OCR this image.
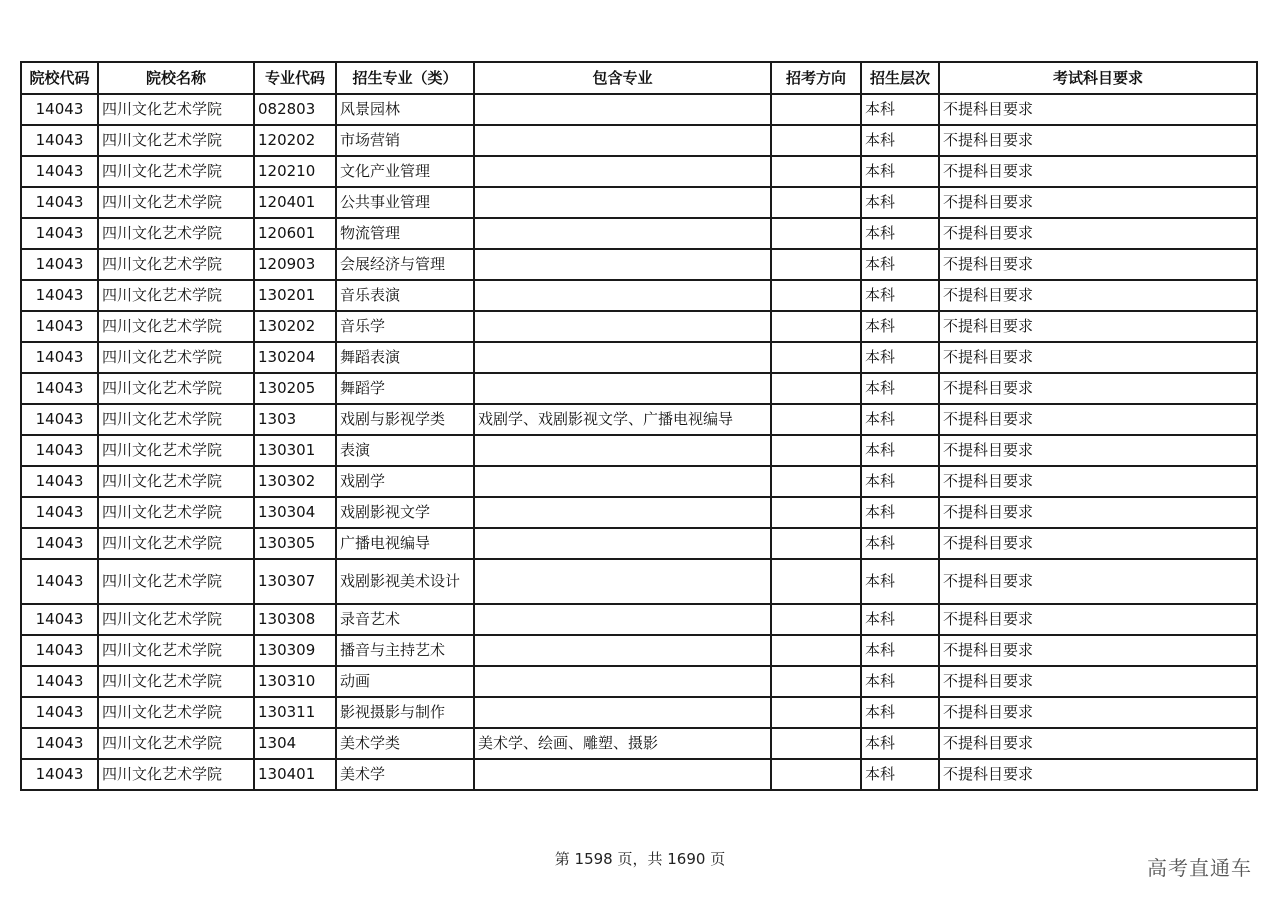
院校代码	院校名称	专业代码	招生专业（类）	包含专业	招考方向	招生层次	考试科目要求
14043	四川文化艺术学院	082803	风景园林			本科	不提科目要求
14043	四川文化艺术学院	120202	市场营销			本科	不提科目要求
14043	四川文化艺术学院	120210	文化产业管理			本科	不提科目要求
14043	四川文化艺术学院	120401	公共事业管理			本科	不提科目要求
14043	四川文化艺术学院	120601	物流管理			本科	不提科目要求
14043	四川文化艺术学院	120903	会展经济与管理			本科	不提科目要求
14043	四川文化艺术学院	130201	音乐表演			本科	不提科目要求
14043	四川文化艺术学院	130202	音乐学			本科	不提科目要求
14043	四川文化艺术学院	130204	舞蹈表演			本科	不提科目要求
14043	四川文化艺术学院	130205	舞蹈学			本科	不提科目要求
14043	四川文化艺术学院	1303	戏剧与影视学类	戏剧学、戏剧影视文学、广播电视编导		本科	不提科目要求
14043	四川文化艺术学院	130301	表演			本科	不提科目要求
14043	四川文化艺术学院	130302	戏剧学			本科	不提科目要求
14043	四川文化艺术学院	130304	戏剧影视文学			本科	不提科目要求
14043	四川文化艺术学院	130305	广播电视编导			本科	不提科目要求
14043	四川文化艺术学院	130307	戏剧影视美术设计			本科	不提科目要求
14043	四川文化艺术学院	130308	录音艺术			本科	不提科目要求
14043	四川文化艺术学院	130309	播音与主持艺术			本科	不提科目要求
14043	四川文化艺术学院	130310	动画			本科	不提科目要求
14043	四川文化艺术学院	130311	影视摄影与制作			本科	不提科目要求
14043	四川文化艺术学院	1304	美术学类	美术学、绘画、雕塑、摄影		本科	不提科目要求
14043	四川文化艺术学院	130401	美术学			本科	不提科目要求
第 1598 页，共 1690 页	高考直通车
